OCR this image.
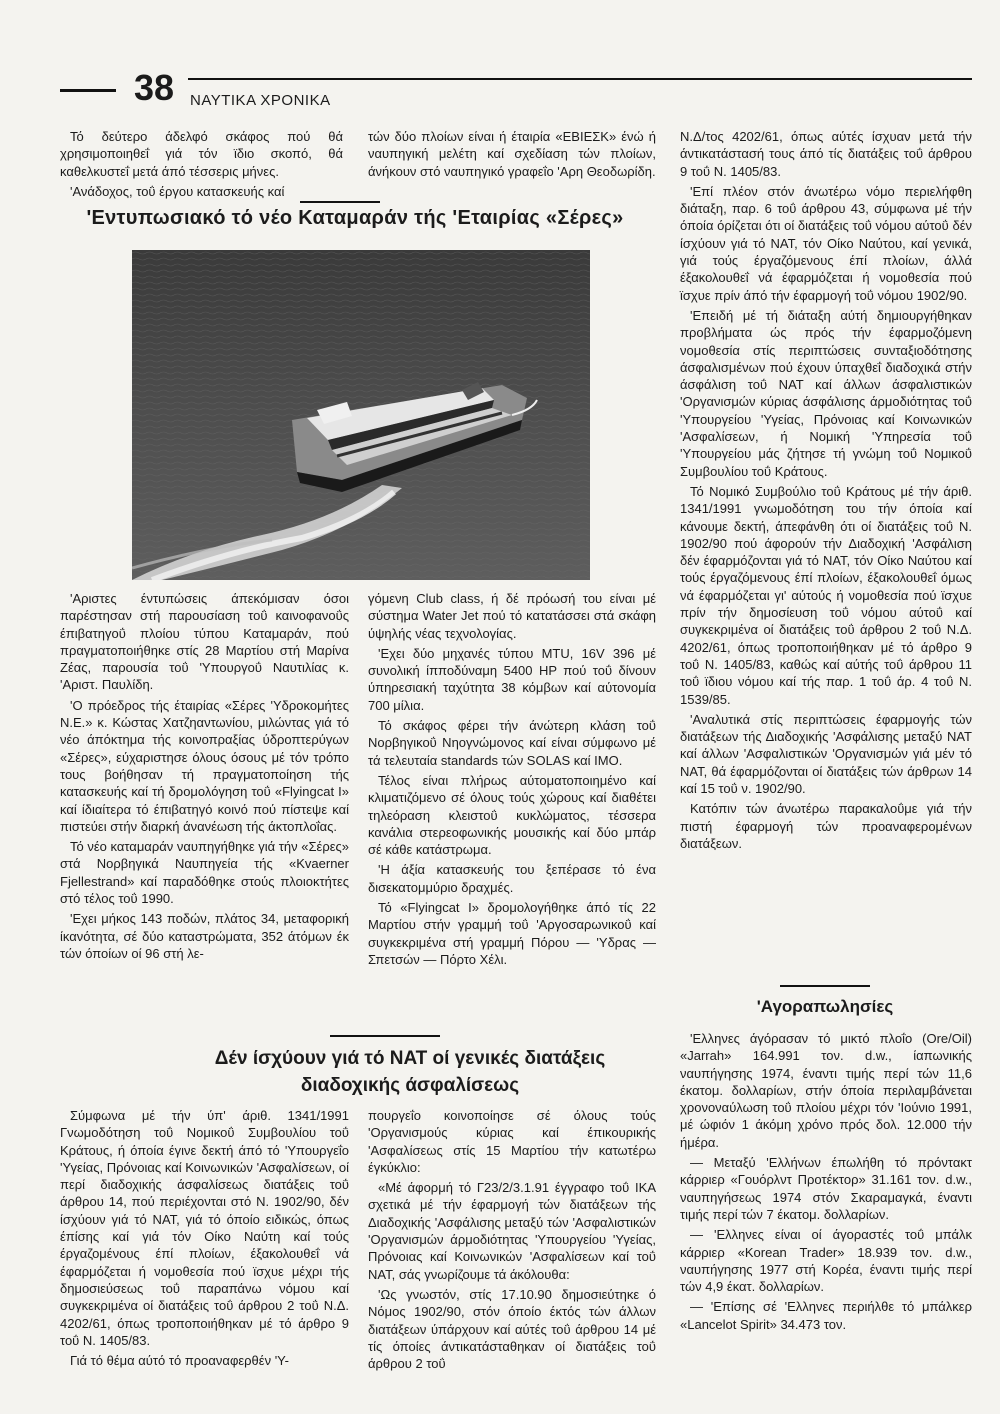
38 ΝΑΥΤΙΚΑ ΧΡΟΝΙΚΑ

Τό δεύτερο άδελφό σκάφος πού θά χρησιμοποιηθεΐ γιά τόν ϊδιο σκοπό, θά καθελκυστεΐ μετά άπό τέσσερις μήνες.

'Ανάδοχος, τοΰ έργου κατασκευής καί

τών δύο πλοίων είναι ή έταιρία «ΕΒΙΕΣΚ» ένώ ή ναυπηγική μελέτη καί σχεδίαση τών πλοίων, άνήκουν στό ναυπηγικό γραφεΐο 'Αρη Θεοδωρίδη.

'Εντυπωσιακό τό νέο Καταμαράν τής 'Εταιρίας «Σέρες»

'Αριστες έντυπώσεις άπεκόμισαν όσοι παρέστησαν στή παρουσίαση τοΰ καινοφανοΰς έπιβατηγοΰ πλοίου τύπου Καταμαράν, πού πραγματοποιήθηκε στίς 28 Μαρτίου στή Μαρίνα Ζέας, παρουσία τοΰ 'Υπουργοΰ Ναυτιλίας κ. 'Αριστ. Παυλίδη.

'Ο πρόεδρος τής έταιρίας «Σέρες 'Υδροκομήτες Ν.Ε.» κ. Κώστας Χατζηαντωνίου, μιλώντας γιά τό νέο άπόκτημα τής κοινοπραξίας ύδροπτερύγων «Σέρες», εύχαριστησε όλους όσους μέ τόν τρόπο τους βοήθησαν τή πραγματοποίηση τής κατασκευής καί τή δρομολόγηση τοΰ «Flyingcat I» καί ίδιαίτερα τό έπιβατηγό κοινό πού πίστεψε καί πιστεύει στήν διαρκή άνανέωση τής άκτοπλοΐας.

Τό νέο καταμαράν ναυπηγήθηκε γιά τήν «Σέρες» στά Νορβηγικά Ναυπηγεία τής «Kvaerner Fjellestrand» καί παραδόθηκε στούς πλοιοκτήτες στό τέλος τοΰ 1990.

'Εχει μήκος 143 ποδών, πλάτος 34, μεταφορική ίκανότητα, σέ δύο καταστρώματα, 352 άτόμων έκ τών όποίων οί 96 στή λε-

γόμενη Club class, ή δέ πρόωσή του είναι μέ σύστημα Water Jet πού τό κατατάσσει στά σκάφη ύψηλής νέας τεχνολογίας.

'Εχει δύο μηχανές τύπου MTU, 16V 396 μέ συνολική ίπποδύναμη 5400 HP πού τοΰ δίνουν ύπηρεσιακή ταχύτητα 38 κόμβων καί αύτονομία 700 μίλια.

Τό σκάφος φέρει τήν άνώτερη κλάση τοΰ Νορβηγικοΰ Νηογνώμονος καί είναι σύμφωνο μέ τά τελευταία standards τών SOLAS καί IMO.

Τέλος είναι πλήρως αύτοματοποιημένο καί κλιματιζόμενο σέ όλους τούς χώρους καί διαθέτει τηλεόραση κλειστοΰ κυκλώματος, τέσσερα κανάλια στερεοφωνικής μουσικής καί δύο μπάρ σέ κάθε κατάστρωμα.

'Η άξία κατασκευής του ξεπέρασε τό ένα δισεκατομμύριο δραχμές.

Τό «Flyingcat I» δρομολογήθηκε άπό τίς 22 Μαρτίου στήν γραμμή τοΰ 'Αργοσαρωνικοΰ καί συγκεκριμένα στή γραμμή Πόρου — 'Υδρας — Σπετσών — Πόρτο Χέλι.

Ν.Δ/τος 4202/61, όπως αύτές ίσχυαν μετά τήν άντικατάστασή τους άπό τίς διατάξεις τοΰ άρθρου 9 τοΰ Ν. 1405/83.

'Επί πλέον στόν άνωτέρω νόμο περιελήφθη διάταξη, παρ. 6 τοΰ άρθρου 43, σύμφωνα μέ τήν όποία όρίζεται ότι οί διατάξεις τοΰ νόμου αύτοΰ δέν ίσχύουν γιά τό ΝΑΤ, τόν Οίκο Ναύτου, καί γενικά, γιά τούς έργαζόμενους έπί πλοίων, άλλά έξακολουθεΐ νά έφαρμόζεται ή νομοθεσία πού ϊσχυε πρίν άπό τήν έφαρμογή τοΰ νόμου 1902/90.

'Επειδή μέ τή διάταξη αύτή δημιουργήθηκαν προβλήματα ώς πρός τήν έφαρμοζόμενη νομοθεσία στίς περιπτώσεις συνταξιοδότησης άσφαλισμένων πού έχουν ύπαχθεΐ διαδοχικά στήν άσφάλιση τοΰ ΝΑΤ καί άλλων άσφαλιστικών 'Οργανισμών κύριας άσφάλισης άρμοδιότητας τοΰ 'Υπουργείου 'Υγείας, Πρόνοιας καί Κοινωνικών 'Ασφαλίσεων, ή Νομική 'Υπηρεσία τοΰ 'Υπουργείου μάς ζήτησε τή γνώμη τοΰ Νομικοΰ Συμβουλίου τοΰ Κράτους.

Τό Νομικό Συμβούλιο τοΰ Κράτους μέ τήν άριθ. 1341/1991 γνωμοδότηση του τήν όποία καί κάνουμε δεκτή, άπεφάνθη ότι οί διατάξεις τοΰ Ν. 1902/90 πού άφορούν τήν Διαδοχική 'Ασφάλιση δέν έφαρμόζονται γιά τό ΝΑΤ, τόν Οίκο Ναύτου καί τούς έργαζόμενους έπί πλοίων, έξακολουθεΐ όμως νά έφαρμόζεται γι' αύτούς ή νομοθεσία πού ϊσχυε πρίν τήν δημοσίευση τοΰ νόμου αύτοΰ καί συγκεκριμένα οί διατάξεις τοΰ άρθρου 2 τοΰ Ν.Δ. 4202/61, όπως τροποποιήθηκαν μέ τό άρθρο 9 τοΰ Ν. 1405/83, καθώς καί αύτής τοΰ άρθρου 11 τοΰ ϊδιου νόμου καί τής παρ. 1 τοΰ άρ. 4 τοΰ Ν. 1539/85.

'Αναλυτικά στίς περιπτώσεις έφαρμογής τών διατάξεων τής Διαδοχικής 'Ασφάλισης μεταξύ ΝΑΤ καί άλλων 'Ασφαλιστικών 'Οργανισμών γιά μέν τό ΝΑΤ, θά έφαρμόζονται οί διατάξεις τών άρθρων 14 καί 15 τοΰ ν. 1902/90.

Κατόπιν τών άνωτέρω παρακαλοΰμε γιά τήν πιστή έφαρμογή τών προαναφερομένων διατάξεων.

Δέν ίσχύουν γιά τό ΝΑΤ οί γενικές διατάξεις διαδοχικής άσφαλίσεως

Σύμφωνα μέ τήν ύπ' άριθ. 1341/1991 Γνωμοδότηση τοΰ Νομικοΰ Συμβουλίου τοΰ Κράτους, ή όποία έγινε δεκτή άπό τό 'Υπουργεΐο 'Υγείας, Πρόνοιας καί Κοινωνικών 'Ασφαλίσεων, οί περί διαδοχικής άσφαλίσεως διατάξεις τοΰ άρθρου 14, πού περιέχονται στό Ν. 1902/90, δέν ίσχύουν γιά τό ΝΑΤ, γιά τό όποίο ειδικώς, όπως έπίσης καί γιά τόν Οίκο Ναύτη καί τούς έργαζομένους έπί πλοίων, έξακολουθεΐ νά έφαρμόζεται ή νομοθεσία πού ϊσχυε μέχρι τής δημοσιεύσεως τοΰ παραπάνω νόμου καί συγκεκριμένα οί διατάξεις τοΰ άρθρου 2 τοΰ Ν.Δ. 4202/61, όπως τροποποιήθηκαν μέ τό άρθρο 9 τοΰ Ν. 1405/83.

Γιά τό θέμα αύτό τό προαναφερθέν 'Υ-

πουργεΐο κοινοποίησε σέ όλους τούς 'Οργανισμούς κύριας καί έπικουρικής 'Ασφαλίσεως στίς 15 Μαρτίου τήν κατωτέρω έγκύκλιο:

«Μέ άφορμή τό Γ23/2/3.1.91 έγγραφο τοΰ ΙΚΑ σχετικά μέ τήν έφαρμογή τών διατάξεων τής Διαδοχικής 'Ασφάλισης μεταξύ τών 'Ασφαλιστικών 'Οργανισμών άρμοδιότητας 'Υπουργείου 'Υγείας, Πρόνοιας καί Κοινωνικών 'Ασφαλίσεων καί τοΰ ΝΑΤ, σάς γνωρίζουμε τά άκόλουθα:

'Ως γνωστόν, στίς 17.10.90 δημοσιεύτηκε ό Νόμος 1902/90, στόν όποίο έκτός τών άλλων διατάξεων ύπάρχουν καί αύτές τοΰ άρθρου 14 μέ τίς όποίες άντικατάσταθηκαν οί διατάξεις τοΰ άρθρου 2 τοΰ

'Αγοραπωλησίες

'Ελληνες άγόρασαν τό μικτό πλοΐο (Ore/Oil) «Jarrah» 164.991 τον. d.w., ίαπωνικής ναυπήγησης 1974, έναντι τιμής περί τών 11,6 έκατομ. δολλαρίων, στήν όποία περιλαμβάνεται χρονοναύλωση τοΰ πλοίου μέχρι τόν 'Ιούνιο 1991, μέ ώφιόν 1 άκόμη χρόνο πρός δολ. 12.000 τήν ήμέρα.

— Μεταξύ 'Ελλήνων έπωλήθη τό πρόντακτ κάρριερ «Γουόρλντ Προτέκτορ» 31.161 τον. d.w., ναυπηγήσεως 1974 στόν Σκαραμαγκά, έναντι τιμής περί τών 7 έκατομ. δολλαρίων.

— 'Ελληνες είναι οί άγοραστές τοΰ μπάλκ κάρριερ «Korean Trader» 18.939 τον. d.w., ναυπήγησης 1977 στή Κορέα, έναντι τιμής περί τών 4,9 έκατ. δολλαρίων.

— 'Επίσης σέ 'Ελληνες περιήλθε τό μπάλκερ «Lancelot Spirit» 34.473 τον.
